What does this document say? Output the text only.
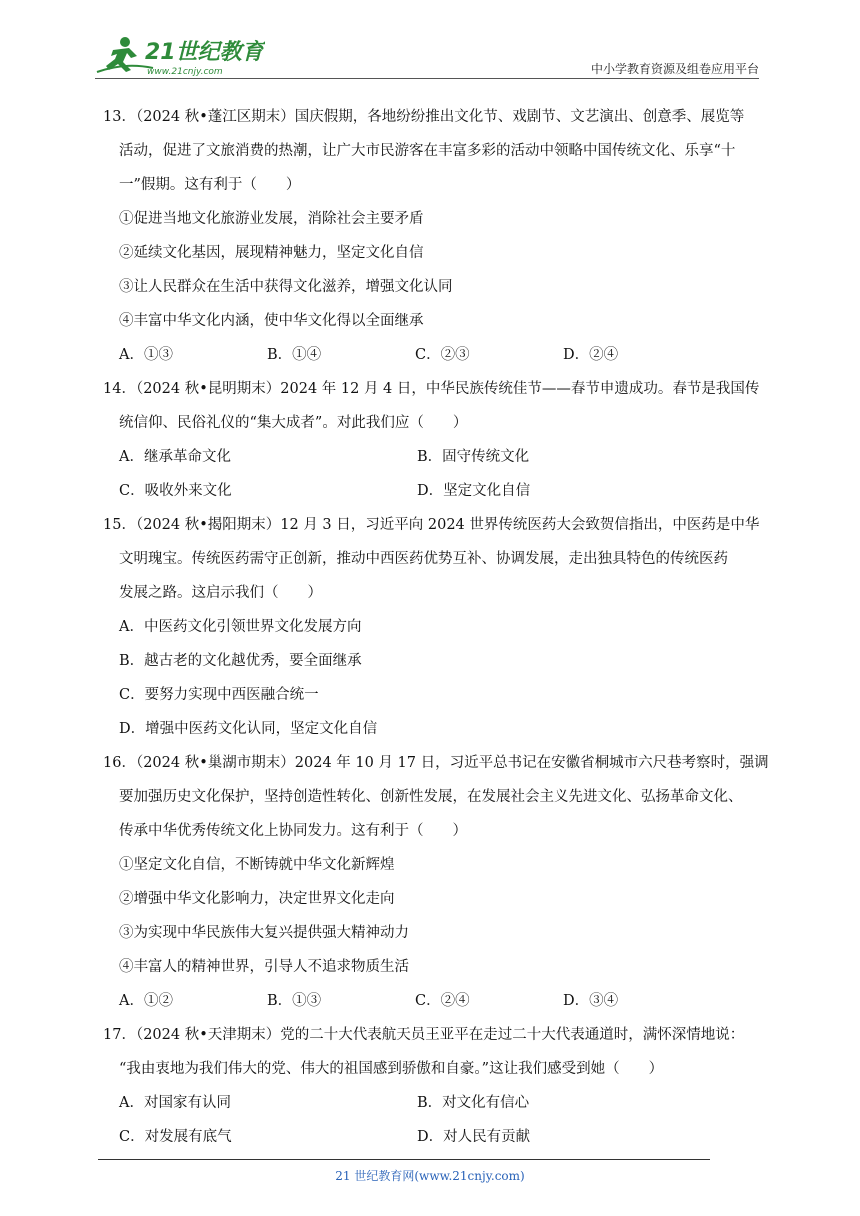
21世纪教育
www.21cnjy.com	中小学教育资源及组卷应用平台
13．（2024 秋•蓬江区期末）国庆假期，各地纷纷推出文化节、戏剧节、文艺演出、创意季、展览等
活动，促进了文旅消费的热潮，让广大市民游客在丰富多彩的活动中领略中国传统文化、乐享“十
一”假期。这有利于（　　）
①促进当地文化旅游业发展，消除社会主要矛盾
②延续文化基因，展现精神魅力，坚定文化自信
③让人民群众在生活中获得文化滋养，增强文化认同
④丰富中华文化内涵，使中华文化得以全面继承
A．①③	B．①④	C．②③	D．②④
14．（2024 秋•昆明期末）2024 年 12 月 4 日，中华民族传统佳节——春节申遗成功。春节是我国传
统信仰、民俗礼仪的“集大成者”。对此我们应（　　）
A．继承革命文化	B．固守传统文化
C．吸收外来文化	D．坚定文化自信
15．（2024 秋•揭阳期末）12 月 3 日，习近平向 2024 世界传统医药大会致贺信指出，中医药是中华
文明瑰宝。传统医药需守正创新，推动中西医药优势互补、协调发展，走出独具特色的传统医药
发展之路。这启示我们（　　）
A．中医药文化引领世界文化发展方向
B．越古老的文化越优秀，要全面继承
C．要努力实现中西医融合统一
D．增强中医药文化认同，坚定文化自信
16．（2024 秋•巢湖市期末）2024 年 10 月 17 日，习近平总书记在安徽省桐城市六尺巷考察时，强调
要加强历史文化保护，坚持创造性转化、创新性发展，在发展社会主义先进文化、弘扬革命文化、
传承中华优秀传统文化上协同发力。这有利于（　　）
①坚定文化自信，不断铸就中华文化新辉煌
②增强中华文化影响力，决定世界文化走向
③为实现中华民族伟大复兴提供强大精神动力
④丰富人的精神世界，引导人不追求物质生活
A．①②	B．①③	C．②④	D．③④
17．（2024 秋•天津期末）党的二十大代表航天员王亚平在走过二十大代表通道时，满怀深情地说：
“我由衷地为我们伟大的党、伟大的祖国感到骄傲和自豪。”这让我们感受到她（　　）
A．对国家有认同	B．对文化有信心
C．对发展有底气	D．对人民有贡献
21 世纪教育网(www.21cnjy.com)
